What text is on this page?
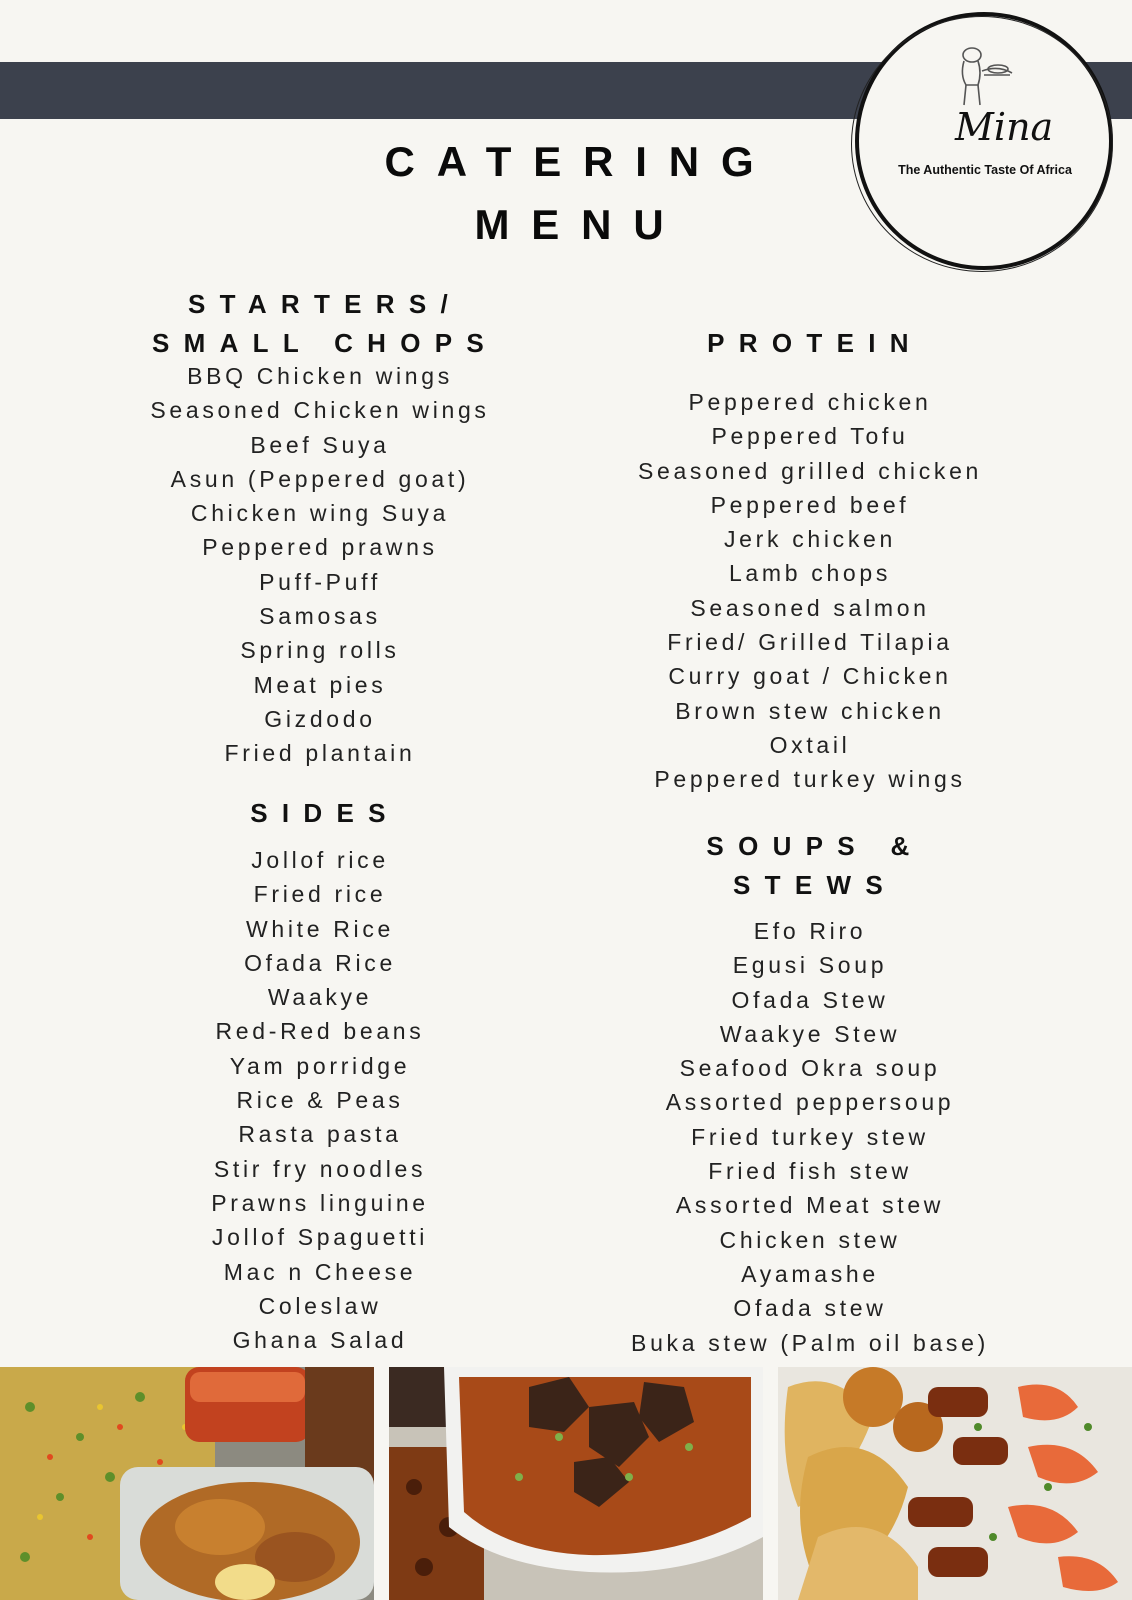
Mina
The Authentic Taste Of Africa
CATERING
MENU
STARTERS/
SMALL CHOPS
BBQ Chicken wings
Seasoned Chicken wings
Beef Suya
Asun (Peppered goat)
Chicken wing Suya
Peppered prawns
Puff-Puff
Samosas
Spring rolls
Meat pies
Gizdodo
Fried plantain
SIDES
Jollof rice
Fried rice
White Rice
Ofada Rice
Waakye
Red-Red beans
Yam porridge
Rice & Peas
Rasta pasta
Stir fry noodles
Prawns linguine
Jollof Spaguetti
Mac n Cheese
Coleslaw
Ghana Salad
PROTEIN
Peppered chicken
Peppered Tofu
Seasoned grilled chicken
Peppered beef
Jerk chicken
Lamb chops
Seasoned salmon
Fried/ Grilled Tilapia
Curry goat / Chicken
Brown stew chicken
Oxtail
Peppered turkey wings
SOUPS &
STEWS
Efo Riro
Egusi Soup
Ofada Stew
Waakye Stew
Seafood Okra soup
Assorted peppersoup
Fried turkey stew
Fried fish stew
Assorted Meat stew
Chicken stew
Ayamashe
Ofada stew
Buka stew (Palm oil base)
